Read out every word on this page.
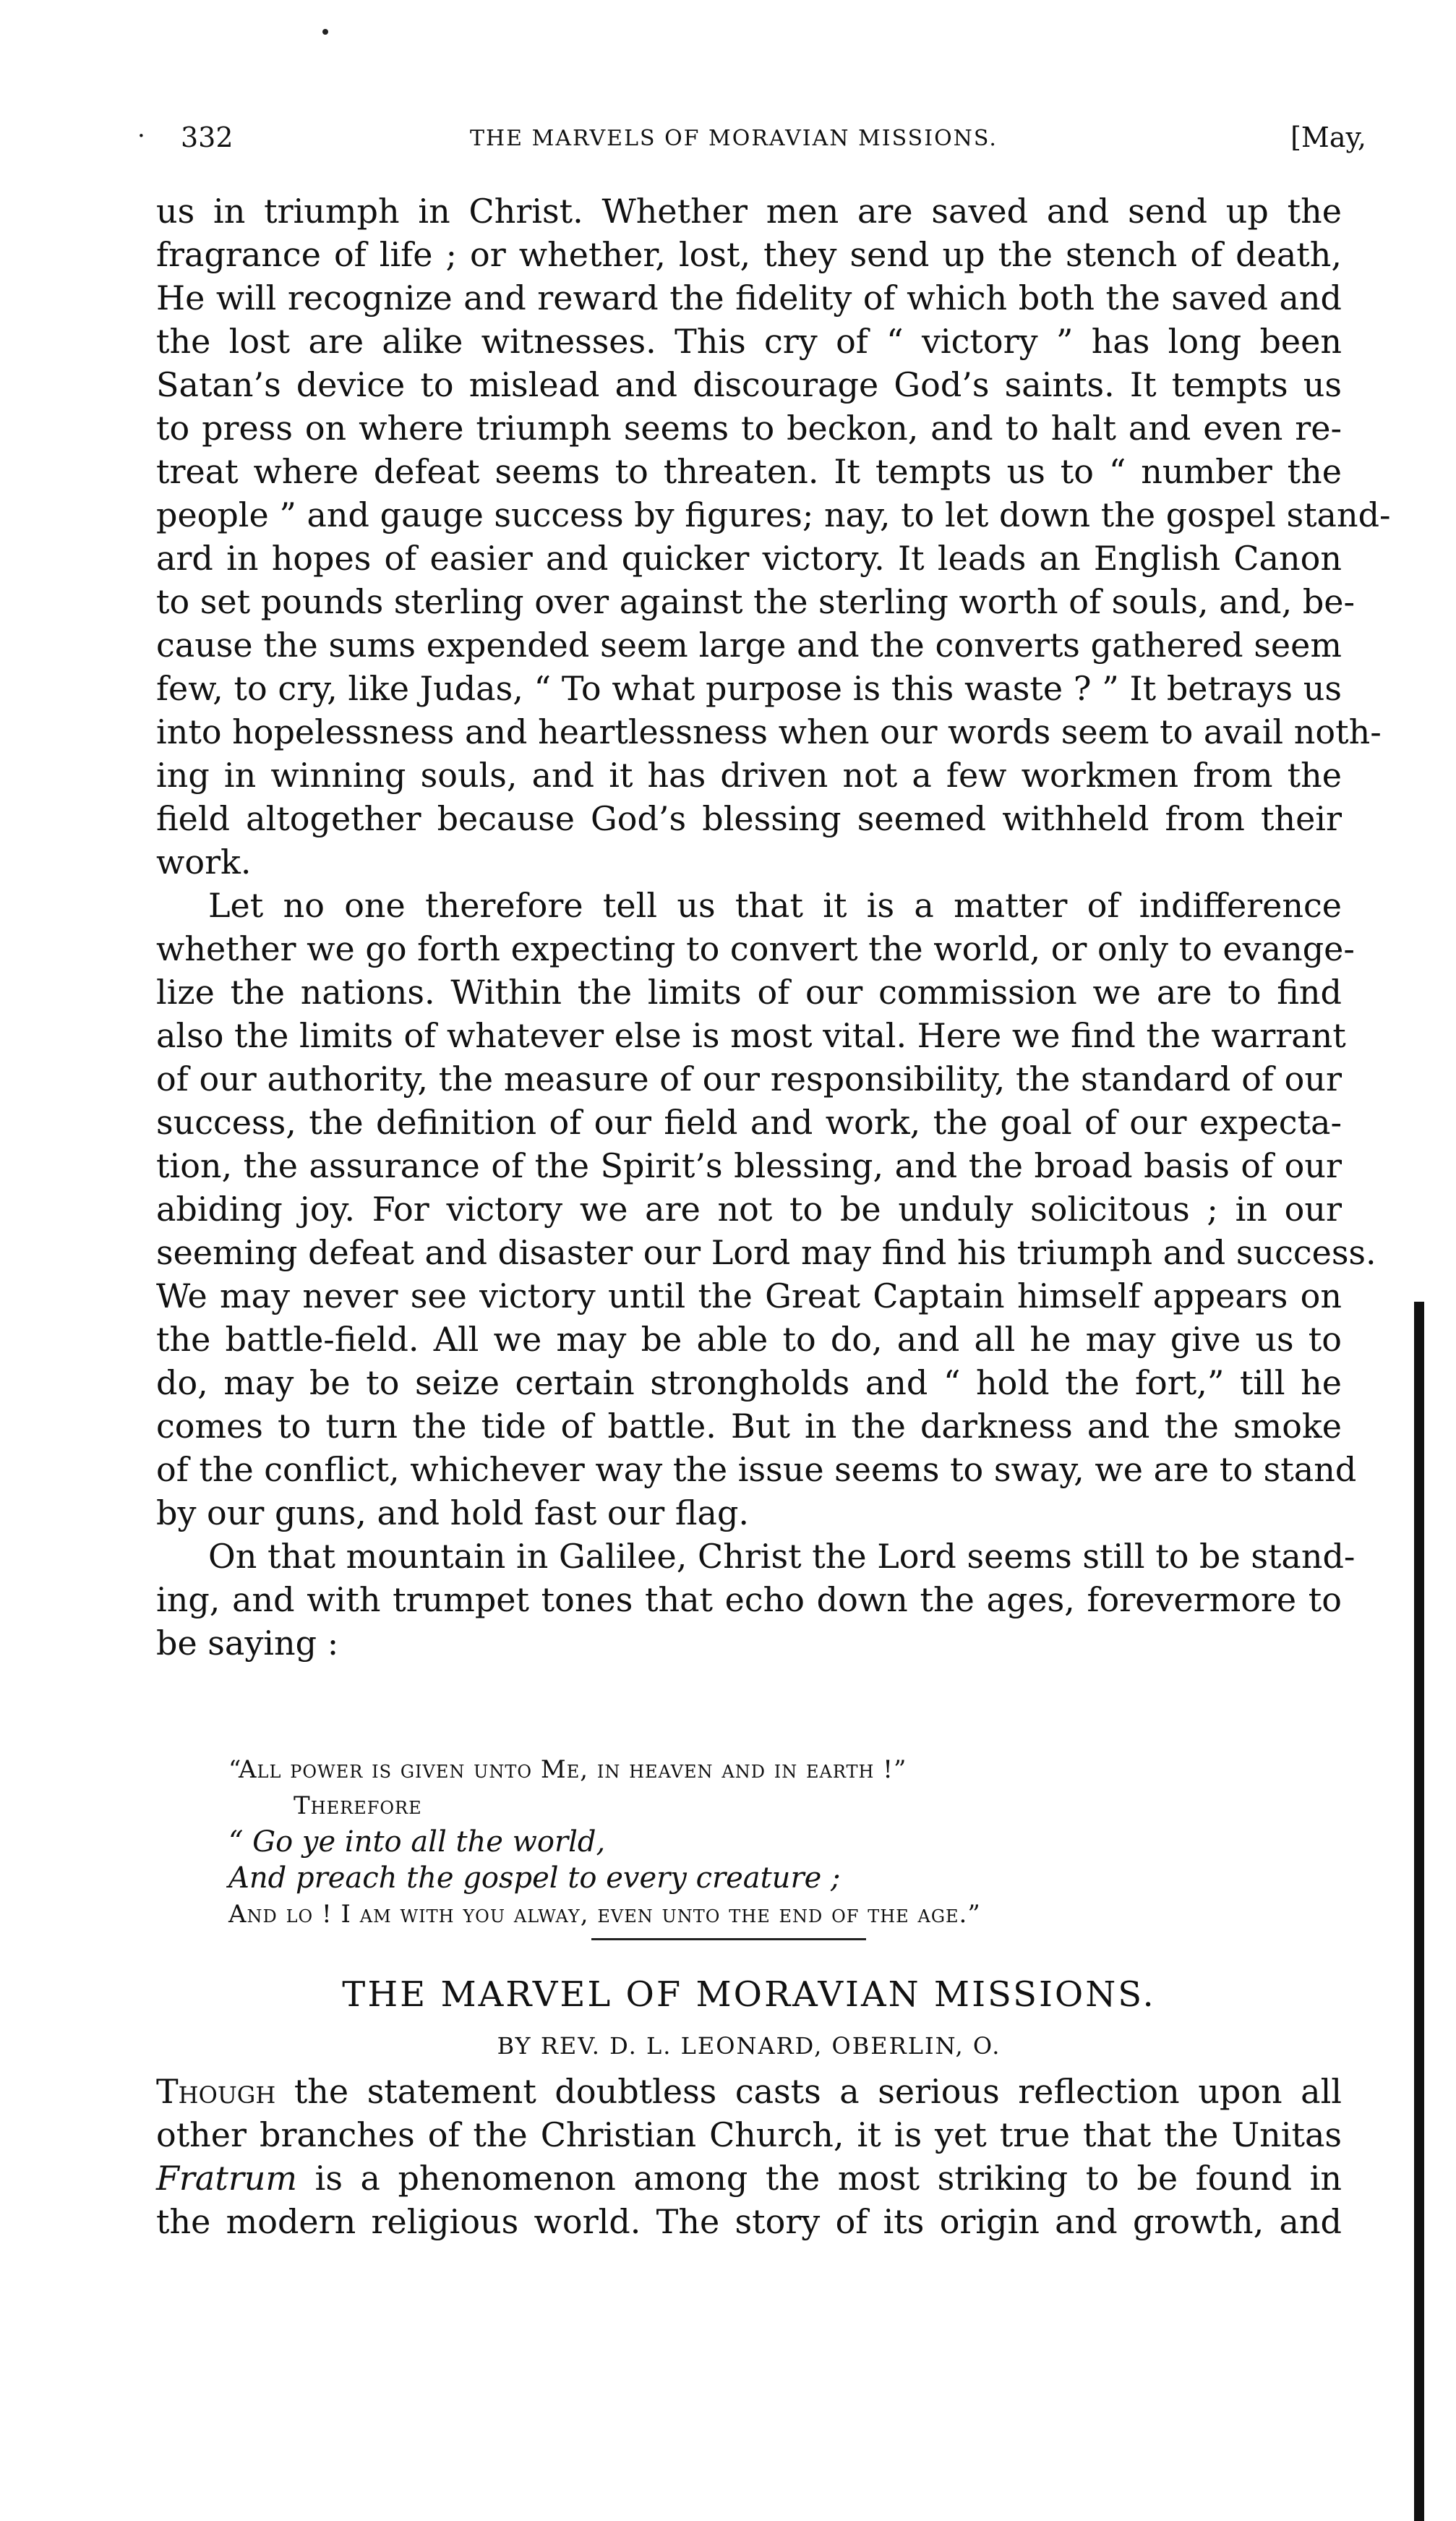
· 332	THE MARVELS OF MORAVIAN MISSIONS.	[May,
us in triumph in Christ. Whether men are saved and send up the
fragrance of life ; or whether, lost, they send up the stench of death,
He will recognize and reward the fidelity of which both the saved and
the lost are alike witnesses. This cry of “ victory ” has long been
Satan’s device to mislead and discourage God’s saints. It tempts us
to press on where triumph seems to beckon, and to halt and even re-
treat where defeat seems to threaten. It tempts us to “ number the
people ” and gauge success by figures; nay, to let down the gospel stand-
ard in hopes of easier and quicker victory. It leads an English Canon
to set pounds sterling over against the sterling worth of souls, and, be-
cause the sums expended seem large and the converts gathered seem
few, to cry, like Judas, “ To what purpose is this waste ? ” It betrays us
into hopelessness and heartlessness when our words seem to avail noth-
ing in winning souls, and it has driven not a few workmen from the
field altogether because God’s blessing seemed withheld from their
work.
Let no one therefore tell us that it is a matter of indifference
whether we go forth expecting to convert the world, or only to evange-
lize the nations. Within the limits of our commission we are to find
also the limits of whatever else is most vital. Here we find the warrant
of our authority, the measure of our responsibility, the standard of our
success, the definition of our field and work, the goal of our expecta-
tion, the assurance of the Spirit’s blessing, and the broad basis of our
abiding joy. For victory we are not to be unduly solicitous ; in our
seeming defeat and disaster our Lord may find his triumph and success.
We may never see victory until the Great Captain himself appears on
the battle-field. All we may be able to do, and all he may give us to
do, may be to seize certain strongholds and “ hold the fort,” till he
comes to turn the tide of battle. But in the darkness and the smoke
of the conflict, whichever way the issue seems to sway, we are to stand
by our guns, and hold fast our flag.
On that mountain in Galilee, Christ the Lord seems still to be stand-
ing, and with trumpet tones that echo down the ages, forevermore to
be saying :
“All power is given unto Me, in heaven and in earth !”
Therefore
“ Go ye into all the world,
And preach the gospel to every creature ;
And lo ! I am with you alway, even unto the end of the age.”
THE MARVEL OF MORAVIAN MISSIONS.
BY REV. D. L. LEONARD, OBERLIN, O.
Though the statement doubtless casts a serious reflection upon all
other branches of the Christian Church, it is yet true that the Unitas
Fratrum is a phenomenon among the most striking to be found in
the modern religious world. The story of its origin and growth, and
